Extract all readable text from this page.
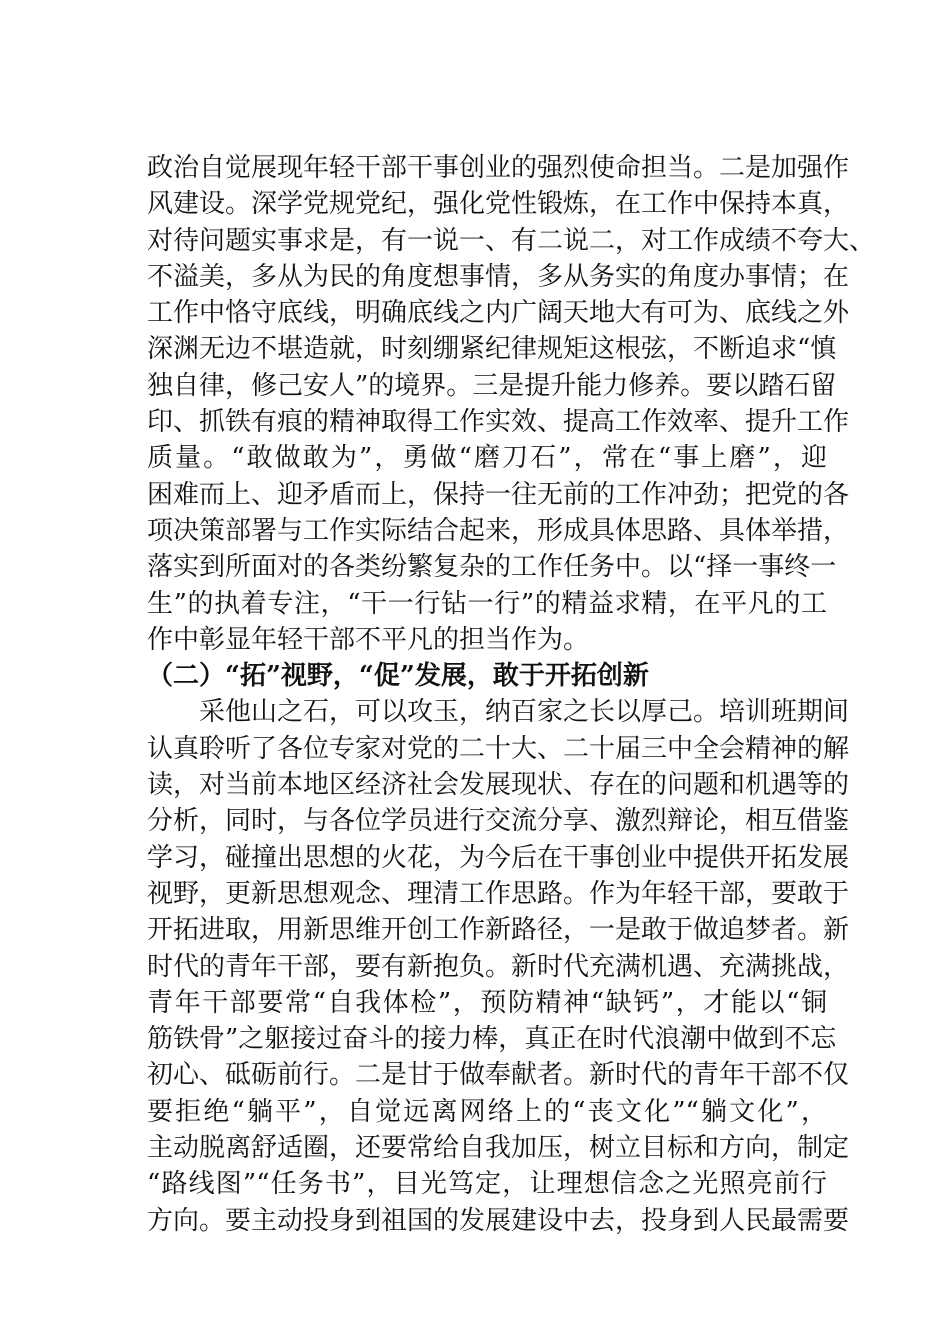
政治自觉展现年轻干部干事创业的强烈使命担当。二是加强作
风建设。深学党规党纪，强化党性锻炼，在工作中保持本真，
对待问题实事求是，有一说一、有二说二，对工作成绩不夸大、
不溢美，多从为民的角度想事情，多从务实的角度办事情；在
工作中恪守底线，明确底线之内广阔天地大有可为、底线之外
深渊无边不堪造就，时刻绷紧纪律规矩这根弦，不断追求“慎
独自律，修己安人”的境界。三是提升能力修养。要以踏石留
印、抓铁有痕的精神取得工作实效、提高工作效率、提升工作
质量。“敢做敢为”，勇做“磨刀石”，常在“事上磨”，迎
困难而上、迎矛盾而上，保持一往无前的工作冲劲；把党的各
项决策部署与工作实际结合起来，形成具体思路、具体举措，
落实到所面对的各类纷繁复杂的工作任务中。以“择一事终一
生”的执着专注，“干一行钻一行”的精益求精，在平凡的工
作中彰显年轻干部不平凡的担当作为。
（二）“拓”视野，“促”发展，敢于开拓创新
采他山之石，可以攻玉，纳百家之长以厚己。培训班期间
认真聆听了各位专家对党的二十大、二十届三中全会精神的解
读，对当前本地区经济社会发展现状、存在的问题和机遇等的
分析，同时，与各位学员进行交流分享、激烈辩论，相互借鉴
学习，碰撞出思想的火花，为今后在干事创业中提供开拓发展
视野，更新思想观念、理清工作思路。作为年轻干部，要敢于
开拓进取，用新思维开创工作新路径，一是敢于做追梦者。新
时代的青年干部，要有新抱负。新时代充满机遇、充满挑战，
青年干部要常“自我体检”，预防精神“缺钙”，才能以“铜
筋铁骨”之躯接过奋斗的接力棒，真正在时代浪潮中做到不忘
初心、砥砺前行。二是甘于做奉献者。新时代的青年干部不仅
要拒绝“躺平”，自觉远离网络上的“丧文化”“躺文化”，
主动脱离舒适圈，还要常给自我加压，树立目标和方向，制定
“路线图”“任务书”，目光笃定，让理想信念之光照亮前行
方向。要主动投身到祖国的发展建设中去，投身到人民最需要
